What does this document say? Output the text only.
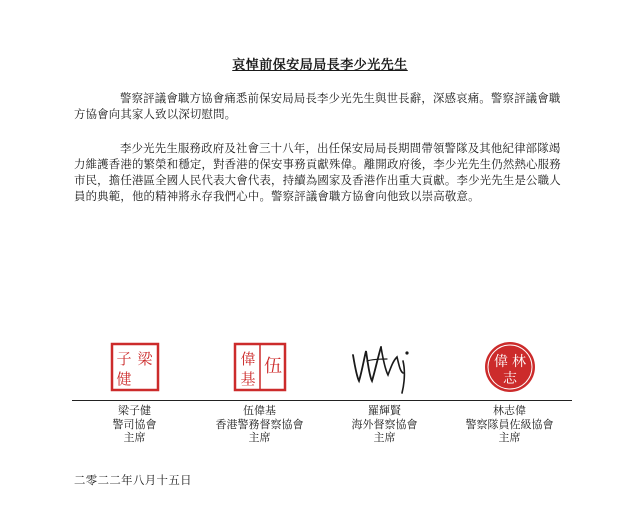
哀悼前保安局局長李少光先生

警察評議會職方協會痛悉前保安局局長李少光先生與世長辭，深感哀痛。警察評議會職方協會向其家人致以深切慰問。

李少光先生服務政府及社會三十八年，出任保安局局長期間帶領警隊及其他紀律部隊竭力維護香港的繁榮和穩定，對香港的保安事務貢獻殊偉。離開政府後，李少光先生仍然熱心服務市民，擔任港區全國人民代表大會代表，持續為國家及香港作出重大貢獻。李少光先生是公職人員的典範，他的精神將永存我們心中。警察評議會職方協會向他致以崇高敬意。

子 梁
健
梁子健
警司協會
主席
偉 伍
基
伍偉基
香港警務督察協會
主席
羅輝賢
海外督察協會
主席
偉 林
志
林志偉
警察隊員佐級協會
主席
二零二二年八月十五日
